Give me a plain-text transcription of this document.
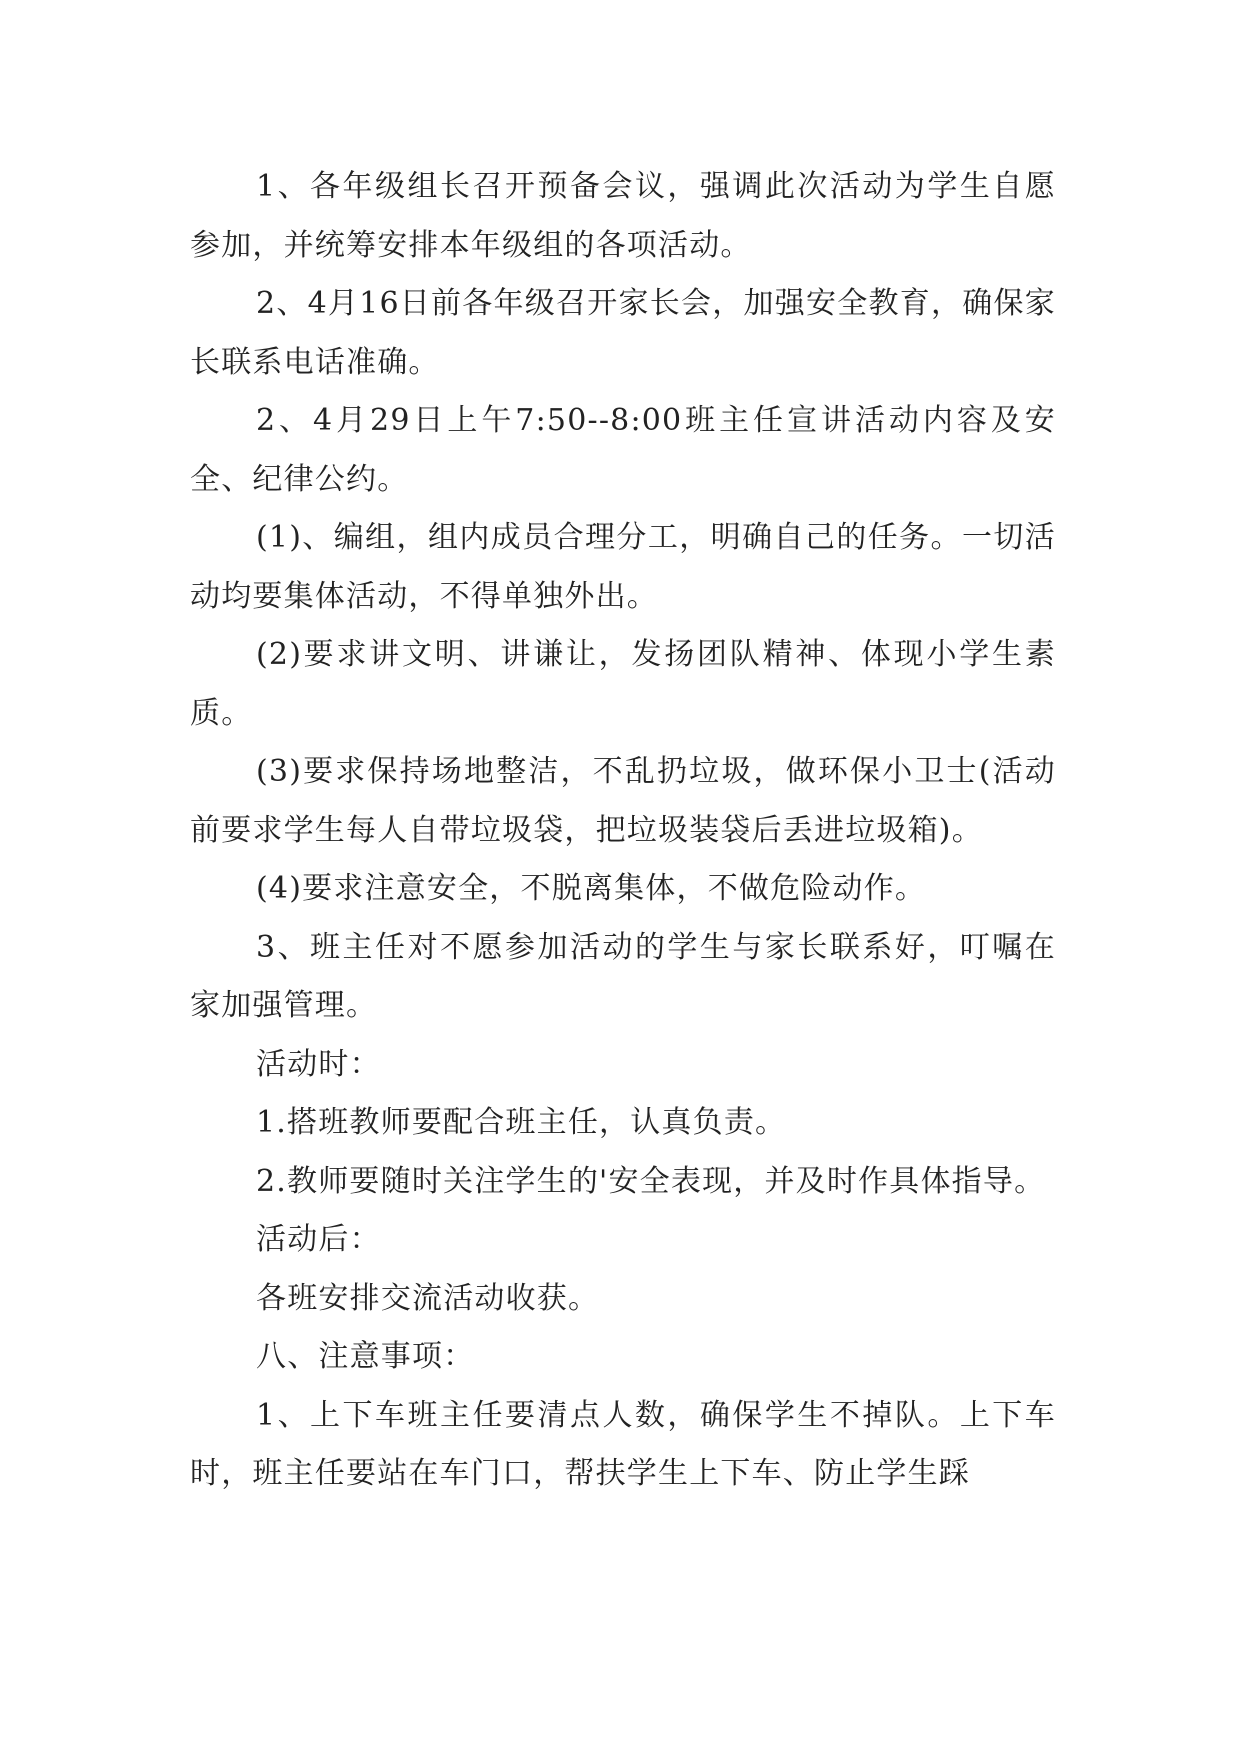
1、各年级组长召开预备会议，强调此次活动为学生自愿参加，并统筹安排本年级组的各项活动。

2、4月16日前各年级召开家长会，加强安全教育，确保家长联系电话准确。

2、4月29日上午7:50--8:00班主任宣讲活动内容及安全、纪律公约。

(1)、编组，组内成员合理分工，明确自己的任务。一切活动均要集体活动，不得单独外出。

(2)要求讲文明、讲谦让，发扬团队精神、体现小学生素质。

(3)要求保持场地整洁，不乱扔垃圾，做环保小卫士(活动前要求学生每人自带垃圾袋，把垃圾装袋后丢进垃圾箱)。

(4)要求注意安全，不脱离集体，不做危险动作。

3、班主任对不愿参加活动的学生与家长联系好，叮嘱在家加强管理。

活动时：

1.搭班教师要配合班主任，认真负责。

2.教师要随时关注学生的'安全表现，并及时作具体指导。

活动后：

各班安排交流活动收获。

八、注意事项：

1、上下车班主任要清点人数，确保学生不掉队。上下车时，班主任要站在车门口，帮扶学生上下车、防止学生踩
